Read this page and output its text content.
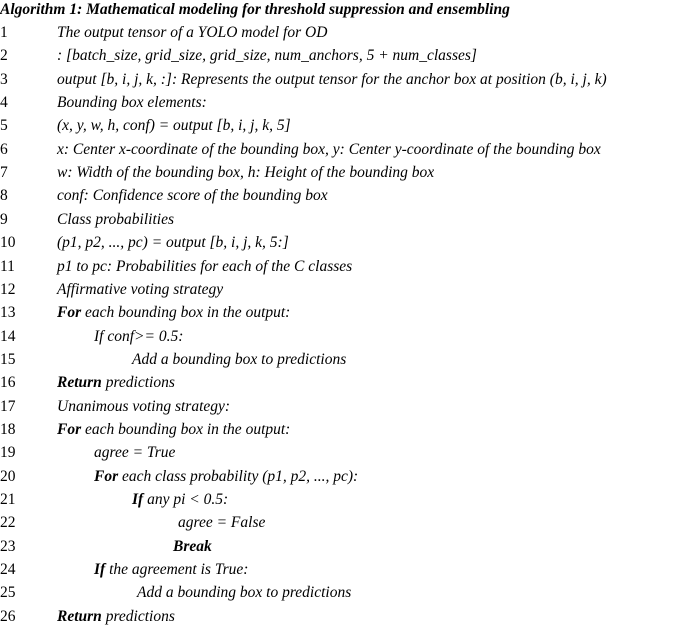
Algorithm 1: Mathematical modeling for threshold suppression and ensembling
1	The output tensor of a YOLO model for OD
2	: [batch_size, grid_size, grid_size, num_anchors, 5 + num_classes]
3	output [b, i, j, k, :]: Represents the output tensor for the anchor box at position (b, i, j, k)
4	Bounding box elements:
5	(x, y, w, h, conf) = output [b, i, j, k, 5]
6	x: Center x-coordinate of the bounding box, y: Center y-coordinate of the bounding box
7	w: Width of the bounding box, h: Height of the bounding box
8	conf: Confidence score of the bounding box
9	Class probabilities
10	(p1, p2, ..., pc) = output [b, i, j, k, 5:]
11	p1 to pc: Probabilities for each of the C classes
12	Affirmative voting strategy
13	For each bounding box in the output:
14	If conf>= 0.5:
15	Add a bounding box to predictions
16	Return predictions
17	Unanimous voting strategy:
18	For each bounding box in the output:
19	agree = True
20	For each class probability (p1, p2, ..., pc):
21	If any pi < 0.5:
22	agree = False
23	Break
24	If the agreement is True:
25	Add a bounding box to predictions
26	Return predictions
